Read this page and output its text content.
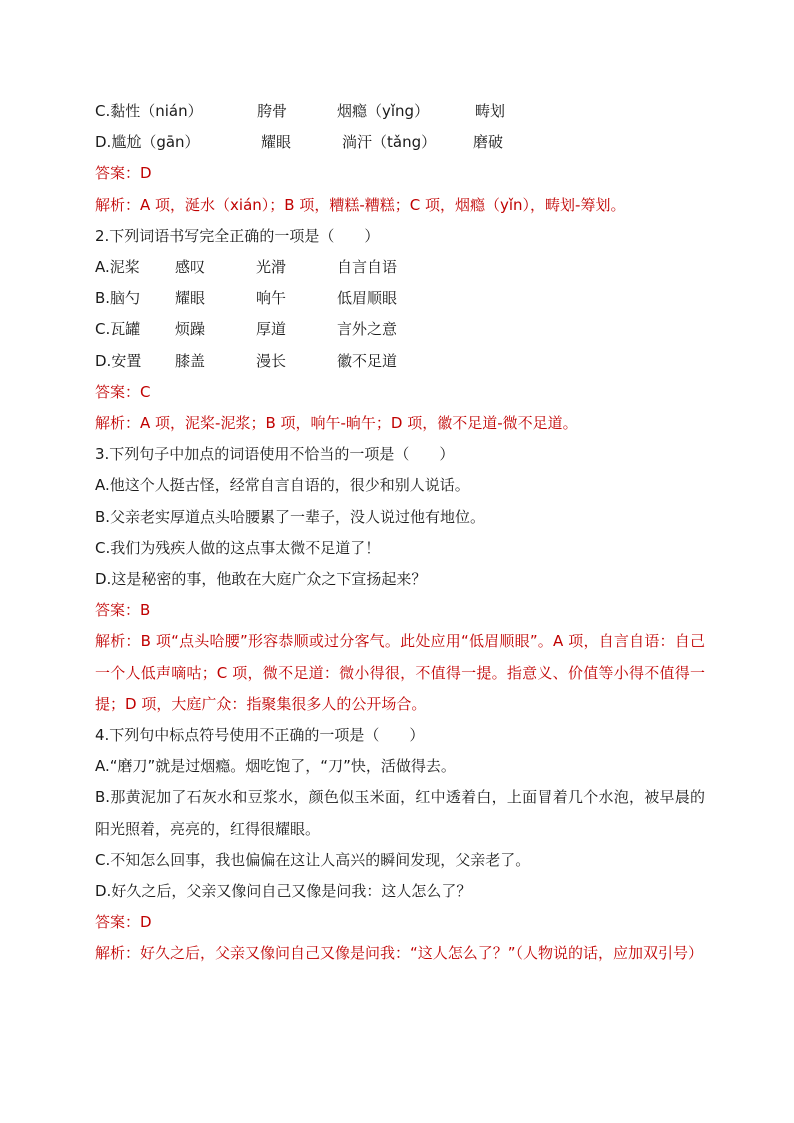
C.黏性（nián）	胯骨	烟瘾（yǐng）	畴划
D.尴尬（gān）	耀眼	淌汗（tǎng） 磨破
答案：D
解析：A 项，涎水（xián）；B 项，糟糕-糟糕；C 项，烟瘾（yǐn），畴划-筹划。
2.下列词语书写完全正确的一项是（　　）
A.泥桨 感叹	光滑	自言自语
B.脑勺 耀眼	响午	低眉顺眼
C.瓦罐 烦躁	厚道	言外之意
D.安置 膝盖	漫长	徽不足道
答案：C
解析：A 项，泥桨-泥浆；B 项，响午-晌午；D 项，徽不足道-微不足道。
3.下列句子中加点的词语使用不恰当的一项是（　　）
A.他这个人挺古怪，经常自言自语的，很少和别人说话。
B.父亲老实厚道点头哈腰累了一辈子，没人说过他有地位。
C.我们为残疾人做的这点事太微不足道了！
D.这是秘密的事，他敢在大庭广众之下宣扬起来？
答案：B
解析：B 项“点头哈腰”形容恭顺或过分客气。此处应用“低眉顺眼”。A 项，自言自语：自己一个人低声嘀咕；C 项，微不足道：微小得很，不值得一提。指意义、价值等小得不值得一提；D 项，大庭广众：指聚集很多人的公开场合。
4.下列句中标点符号使用不正确的一项是（　　）
A.“磨刀”就是过烟瘾。烟吃饱了，“刀”快，活做得去。
B.那黄泥加了石灰水和豆浆水，颜色似玉米面，红中透着白，上面冒着几个水泡，被早晨的阳光照着，亮亮的，红得很耀眼。
C.不知怎么回事，我也偏偏在这让人高兴的瞬间发现，父亲老了。
D.好久之后，父亲又像问自己又像是问我：这人怎么了？
答案：D
解析：好久之后，父亲又像问自己又像是问我：“这人怎么了？”（人物说的话，应加双引号）
